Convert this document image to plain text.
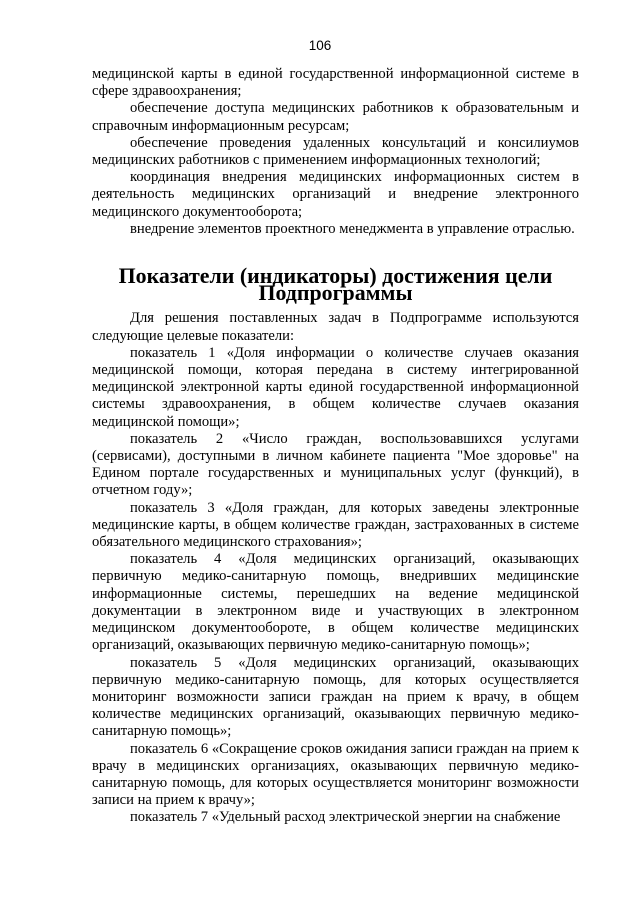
106

медицинской карты в единой государственной информационной системе в сфере здравоохранения;

обеспечение доступа медицинских работников к образовательным и справочным информационным ресурсам;

обеспечение проведения удаленных консультаций и консилиумов медицинских работников с применением информационных технологий;

координация внедрения медицинских информационных систем в деятельность медицинских организаций и внедрение электронного медицинского документооборота;

внедрение элементов проектного менеджмента в управление отраслью.

Показатели (индикаторы) достижения цели Подпрограммы

Для решения поставленных задач в Подпрограмме используются следующие целевые показатели:

показатель 1 «Доля информации о количестве случаев оказания медицинской помощи, которая передана в систему интегрированной медицинской электронной карты единой государственной информационной системы здравоохранения, в общем количестве случаев оказания медицинской помощи»;

показатель 2 «Число граждан, воспользовавшихся услугами (сервисами), доступными в личном кабинете пациента "Мое здоровье" на Едином портале государственных и муниципальных услуг (функций), в отчетном году»;

показатель 3 «Доля граждан, для которых заведены электронные медицинские карты, в общем количестве граждан, застрахованных в системе обязательного медицинского страхования»;

показатель 4 «Доля медицинских организаций, оказывающих первичную медико-санитарную помощь, внедривших медицинские информационные системы, перешедших на ведение медицинской документации в электронном виде и участвующих в электронном медицинском документообороте, в общем количестве медицинских организаций, оказывающих первичную медико-санитарную помощь»;

показатель 5 «Доля медицинских организаций, оказывающих первичную медико-санитарную помощь, для которых осуществляется мониторинг возможности записи граждан на прием к врачу, в общем количестве медицинских организаций, оказывающих первичную медико-санитарную помощь»;

показатель 6 «Сокращение сроков ожидания записи граждан на прием к врачу в медицинских организациях, оказывающих первичную медико-санитарную помощь, для которых осуществляется мониторинг возможности записи на прием к врачу»;

показатель 7 «Удельный расход электрической энергии на снабжение
